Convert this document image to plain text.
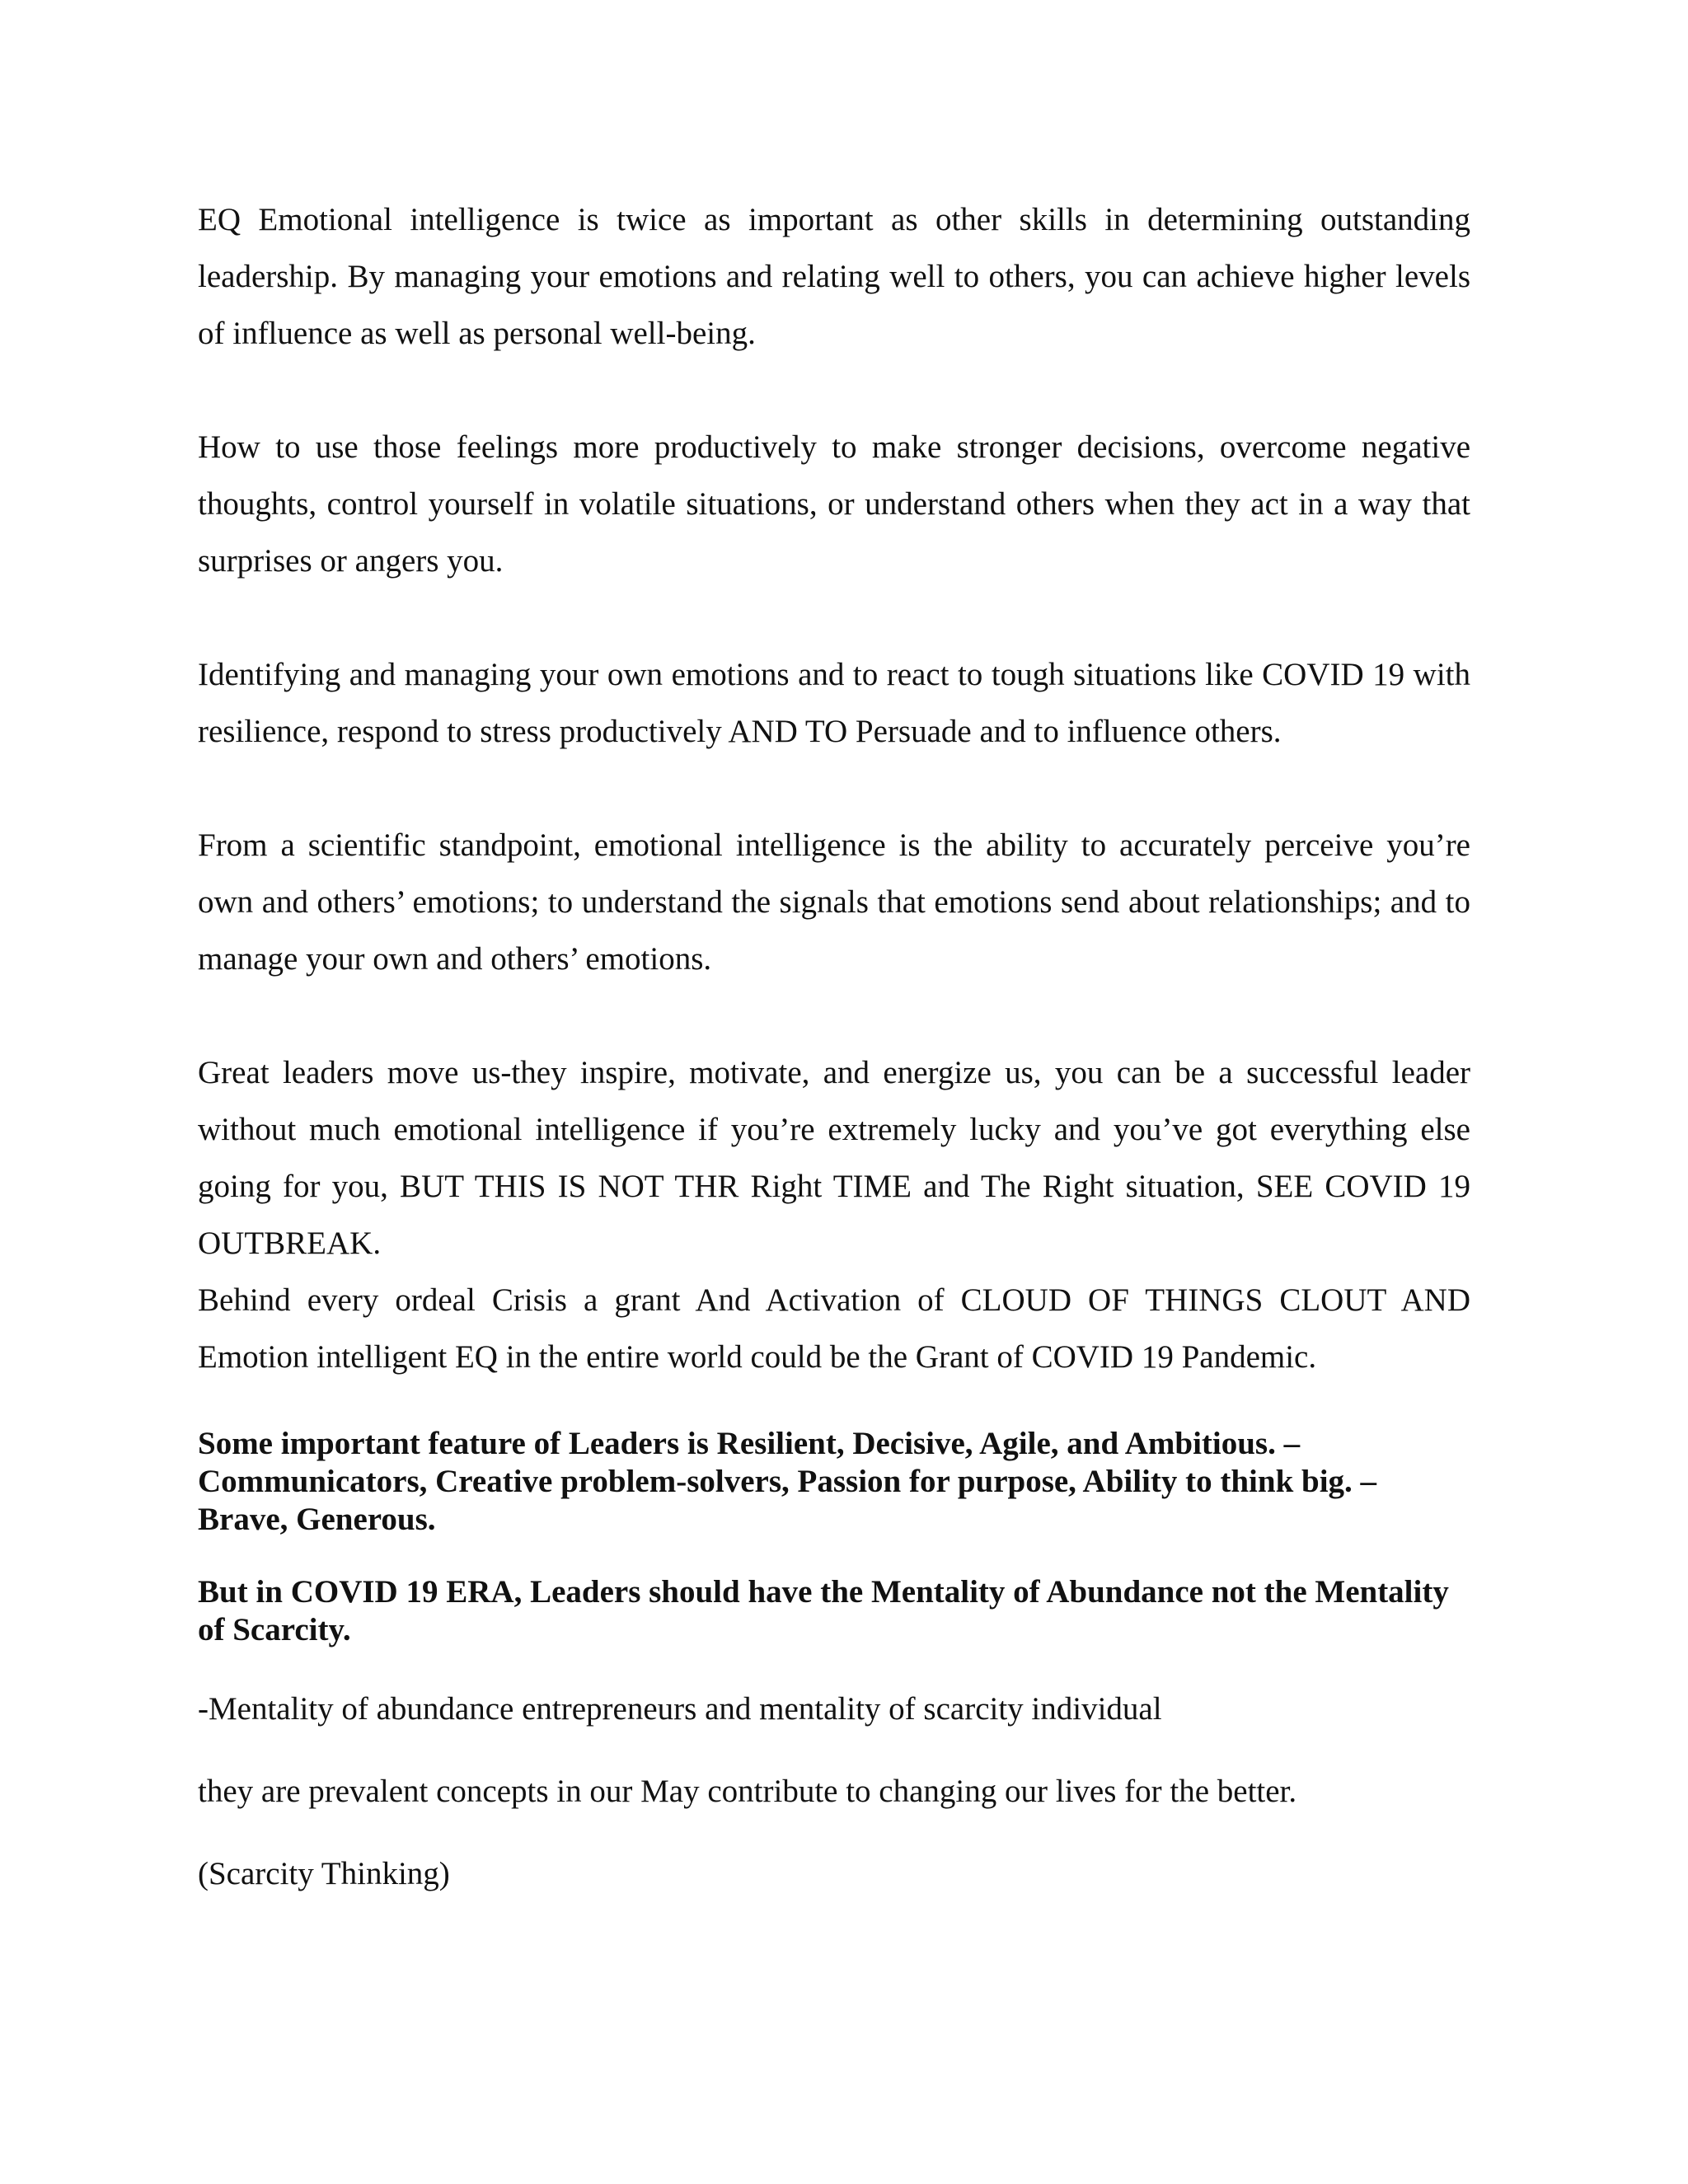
EQ Emotional intelligence is twice as important as other skills in determining outstanding leadership. By managing your emotions and relating well to others, you can achieve higher levels of influence as well as personal well-being.

How to use those feelings more productively to make stronger decisions, overcome negative thoughts, control yourself in volatile situations, or understand others when they act in a way that surprises or angers you.

Identifying and managing your own emotions and to react to tough situations like COVID 19 with resilience, respond to stress productively AND TO Persuade and to influence others.

From a scientific standpoint, emotional intelligence is the ability to accurately perceive you’re own and others’ emotions; to understand the signals that emotions send about relationships; and to manage your own and others’ emotions.

Great leaders move us-they inspire, motivate, and energize us, you can be a successful leader without much emotional intelligence if you’re extremely lucky and you’ve got everything else going for you, BUT THIS IS NOT THR Right TIME and The Right situation, SEE COVID 19 OUTBREAK.

Behind every ordeal Crisis a grant And Activation of CLOUD OF THINGS CLOUT AND Emotion intelligent EQ in the entire world could be the Grant of COVID 19 Pandemic.

Some important feature of Leaders is Resilient, Decisive, Agile, and Ambitious. – Communicators, Creative problem-solvers, Passion for purpose, Ability to think big. – Brave, Generous.

But in COVID 19 ERA, Leaders should have the Mentality of Abundance not the Mentality of Scarcity.

-Mentality of abundance entrepreneurs and mentality of scarcity individual

they are prevalent concepts in our May contribute to changing our lives for the better.

(Scarcity Thinking)
